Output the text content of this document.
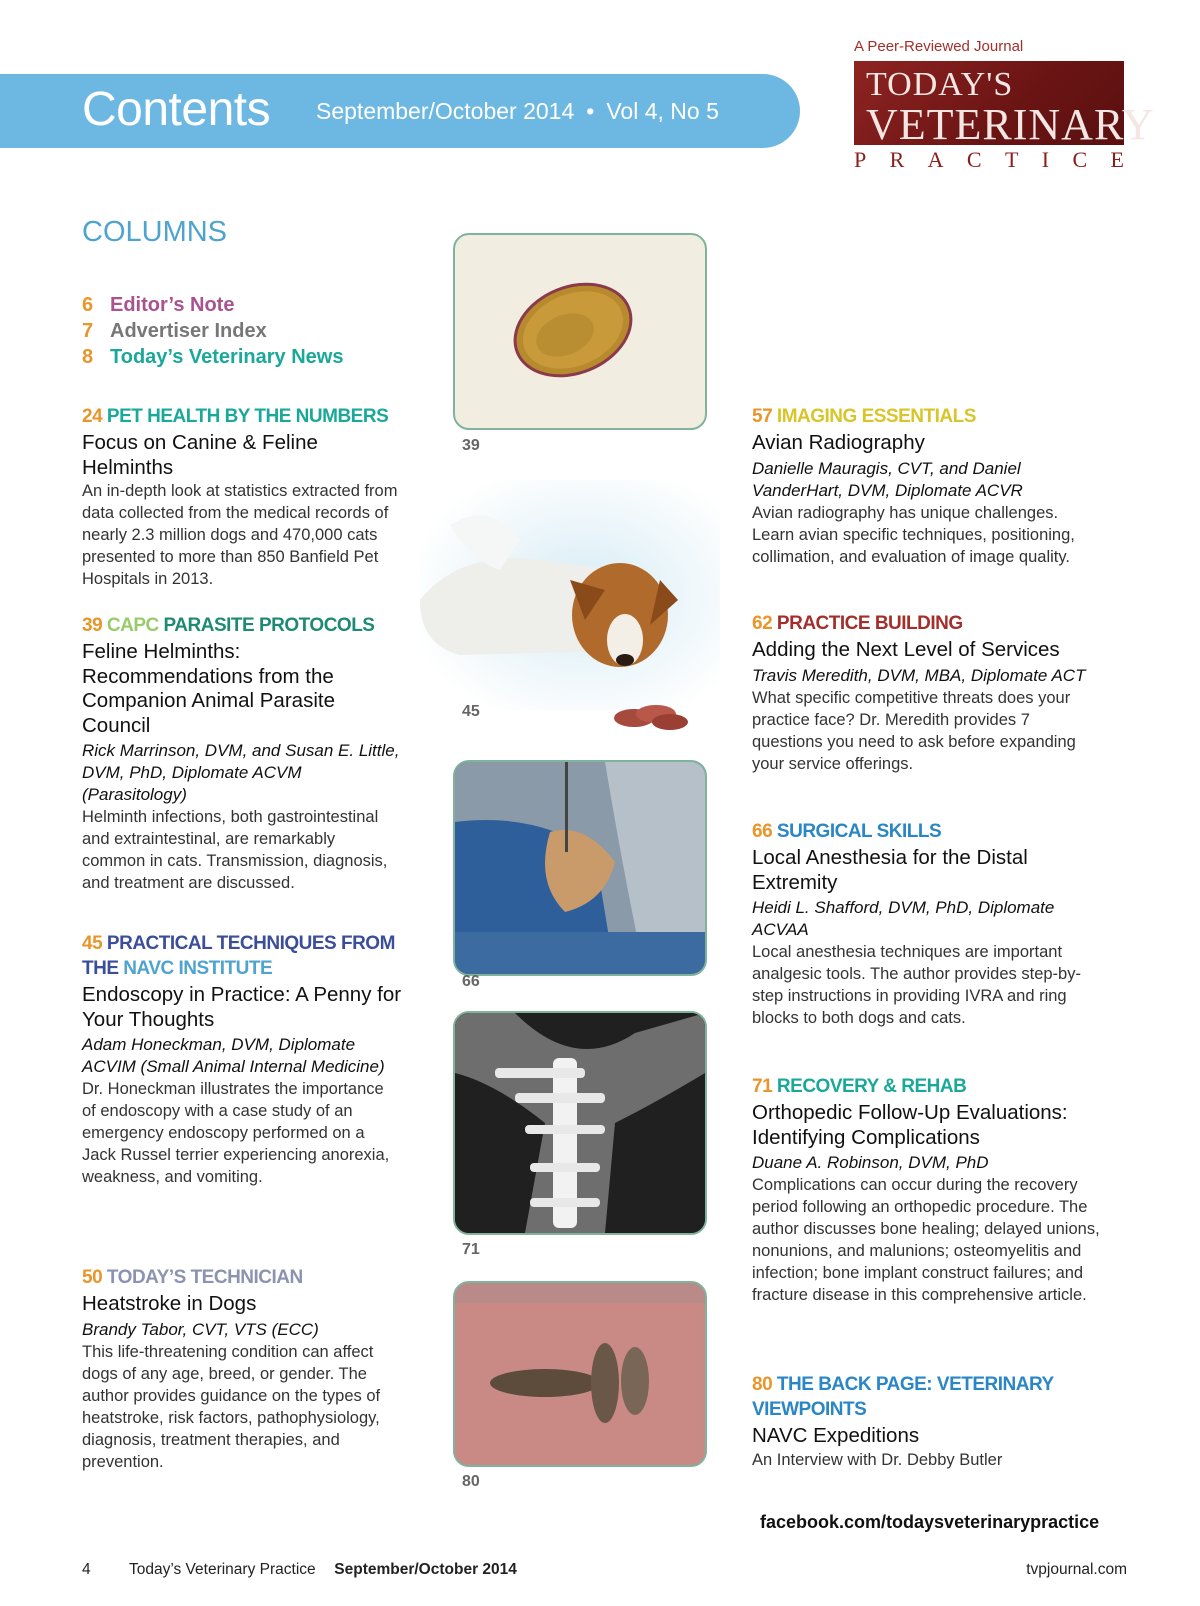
Contents September/October 2014 • Vol 4, No 5
A Peer-Reviewed Journal
TODAY'S
VETERINARY
P R A C T I C E
COLUMNS
6 Editor’s Note
7 Advertiser Index
8 Today’s Veterinary News
24 PET HEALTH BY THE NUMBERS
Focus on Canine & Feline Helminths
An in-depth look at statistics extracted from data collected from the medical records of nearly 2.3 million dogs and 470,000 cats presented to more than 850 Banfield Pet Hospitals in 2013.
39 CAPC PARASITE PROTOCOLS
Feline Helminths: Recommendations from the Companion Animal Parasite Council
Rick Marrinson, DVM, and Susan E. Little, DVM, PhD, Diplomate ACVM (Parasitology)
Helminth infections, both gastrointestinal and extraintestinal, are remarkably common in cats. Transmission, diagnosis, and treatment are discussed.
45 PRACTICAL TECHNIQUES FROM THE NAVC INSTITUTE
Endoscopy in Practice: A Penny for Your Thoughts
Adam Honeckman, DVM, Diplomate ACVIM (Small Animal Internal Medicine)
Dr. Honeckman illustrates the importance of endoscopy with a case study of an emergency endoscopy performed on a Jack Russel terrier experiencing anorexia, weakness, and vomiting.
50 TODAY’S TECHNICIAN
Heatstroke in Dogs
Brandy Tabor, CVT, VTS (ECC)
This life-threatening condition can affect dogs of any age, breed, or gender. The author provides guidance on the types of heatstroke, risk factors, pathophysiology, diagnosis, treatment therapies, and prevention.
39
45
66
71
80
57 IMAGING ESSENTIALS
Avian Radiography
Danielle Mauragis, CVT, and Daniel VanderHart, DVM, Diplomate ACVR
Avian radiography has unique challenges. Learn avian specific techniques, positioning, collimation, and evaluation of image quality.
62 PRACTICE BUILDING
Adding the Next Level of Services
Travis Meredith, DVM, MBA, Diplomate ACT
What specific competitive threats does your practice face? Dr. Meredith provides 7 questions you need to ask before expanding your service offerings.
66 SURGICAL SKILLS
Local Anesthesia for the Distal Extremity
Heidi L. Shafford, DVM, PhD, Diplomate ACVAA
Local anesthesia techniques are important analgesic tools. The author provides step-by-step instructions in providing IVRA and ring blocks to both dogs and cats.
71 RECOVERY & REHAB
Orthopedic Follow-Up Evaluations: Identifying Complications
Duane A. Robinson, DVM, PhD
Complications can occur during the recovery period following an orthopedic procedure. The author discusses bone healing; delayed unions, nonunions, and malunions; osteomyelitis and infection; bone implant construct failures; and fracture disease in this comprehensive article.
80 THE BACK PAGE: VETERINARY VIEWPOINTS
NAVC Expeditions
An Interview with Dr. Debby Butler
facebook.com/todaysveterinarypractice
4 Today’s Veterinary Practice September/October 2014	tvpjournal.com
